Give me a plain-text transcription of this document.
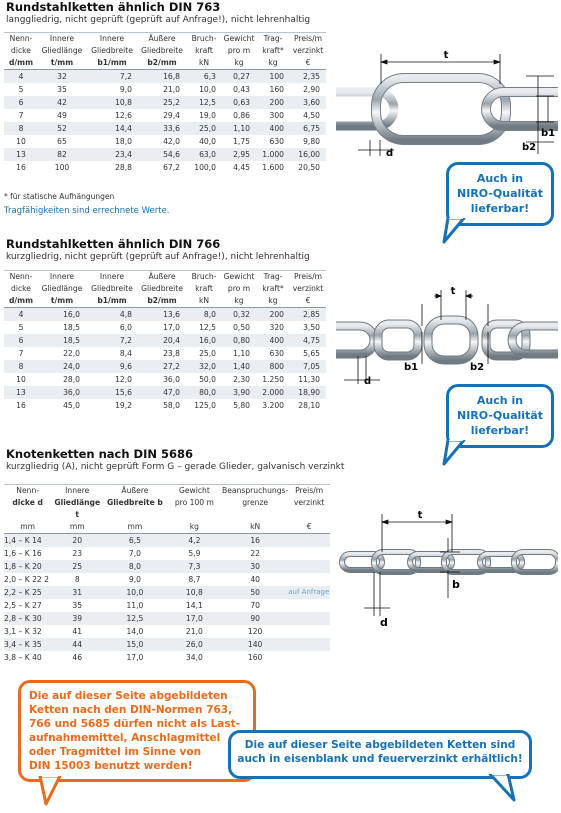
Rundstahlketten ähnlich DIN 763
langgliedrig, nicht geprüft (geprüft auf Anfrage!), nicht lehrenhaltig
Nenn-	Innere	Innere	Äußere	Bruch-	Gewicht	Trag-	Preis/m
dicke	Gliedlänge	Gliedbreite	Gliedbreite	kraft	pro m	kraft*	verzinkt
d/mm	t/mm	b1/mm	b2/mm	kN	kg	kg	€
4	32	7,2	16,8	6,3	0,27	100	2,35
5	35	9,0	21,0	10,0	0,43	160	2,90
6	42	10,8	25,2	12,5	0,63	200	3,60
7	49	12,6	29,4	19,0	0,86	300	4,50
8	52	14,4	33,6	25,0	1,10	400	6,75
10	65	18,0	42,0	40,0	1,75	630	9,80
13	82	23,4	54,6	63,0	2,95	1.000	16,00
16	100	28,8	67,2	100,0	4,45	1.600	20,50
* für statische Aufhängungen
Tragfähigkeiten sind errechnete Werte.
t
b1
b2
d
Auch in
NIRO-Qualität
lieferbar!
Rundstahlketten ähnlich DIN 766
kurzgliedrig, nicht geprüft (geprüft auf Anfrage!), nicht lehrenhaltig
Nenn-	Innere	Innere	Äußere	Bruch-	Gewicht	Trag-	Preis/m
dicke	Gliedlänge	Gliedbreite	Gliedbreite	kraft	pro m	kraft*	verzinkt
d/mm	t/mm	b1/mm	b2/mm	kN	kg	kg	€
4	16,0	4,8	13,6	8,0	0,32	200	2,85
5	18,5	6,0	17,0	12,5	0,50	320	3,50
6	18,5	7,2	20,4	16,0	0,80	400	4,75
7	22,0	8,4	23,8	25,0	1,10	630	5,65
8	24,0	9,6	27,2	32,0	1,40	800	7,05
10	28,0	12,0	36,0	50,0	2,30	1.250	11,30
13	36,0	15,6	47,0	80,0	3,90	2.000	18,90
16	45,0	19,2	58,0	125,0	5,80	3.200	28,10
t
b1	b2
d
Auch in
NIRO-Qualität
lieferbar!
Knotenketten nach DIN 5686
kurzgliedrig (A), nicht geprüft Form G – gerade Glieder, galvanisch verzinkt
Nenn-	Innere	Äußere	Gewicht	Beanspruchungs-	Preis/m
dicke d	Gliedlänge t	Gliedbreite b	pro 100 m	grenze	verzinkt
mm	mm	mm	kg	kN	€
1,4 – K 14	20	6,5	4,2	16	
1,6 – K 16	23	7,0	5,9	22	
1,8 – K 20	25	8,0	7,3	30	
2,0 – K 22 2	8	9,0	8,7	40	
2,2 – K 25	31	10,0	10,8	50	auf Anfrage
2,5 – K 27	35	11,0	14,1	70	
2,8 – K 30	39	12,5	17,0	90	
3,1 – K 32	41	14,0	21,0	120	
3,4 – K 35	44	15,0	26,0	140	
3,8 – K 40	46	17,0	34,0	160	
t
b
d
Die auf dieser Seite abgebildeten
Ketten nach den DIN-Normen 763,
766 und 5685 dürfen nicht als Last-
aufnahmemittel, Anschlagmittel
oder Tragmittel im Sinne von
DIN 15003 benutzt werden!
Die auf dieser Seite abgebildeten Ketten sind
auch in eisenblank und feuerverzinkt erhältlich!
